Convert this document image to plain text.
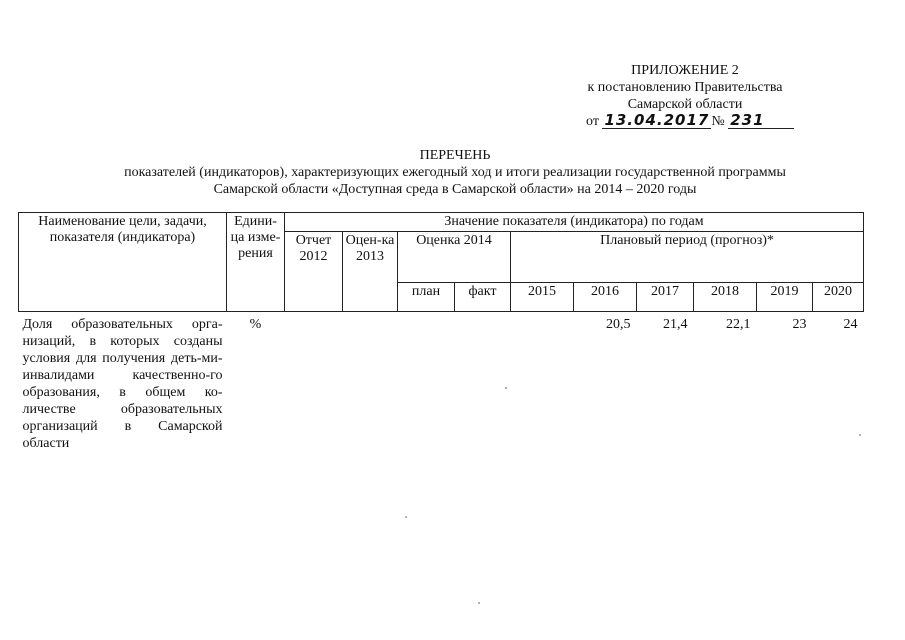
ПРИЛОЖЕНИЕ 2
к постановлению Правительства
Самарской области
от 13.04.2017 № 231
ПЕРЕЧЕНЬ
показателей (индикаторов), характеризующих ежегодный ход и итоги реализации государственной программы
Самарской области «Доступная среда в Самарской области» на 2014 – 2020 годы
Наименование цели, задачи, показателя (индикатора)	Едини-ца изме-рения	Значение показателя (индикатора) по годам									
		Отчет 2012	Оцен-ка 2013	Оценка 2014		Плановый период (прогноз)*					
				план	факт	2015	2016	2017	2018	2019	2020
Доля образовательных орга-низаций, в которых созданы условия для получения деть-ми-инвалидами качественно-го образования, в общем ко-личестве образовательных организаций в Самарской области	%						20,5	21,4	22,1	23	24
